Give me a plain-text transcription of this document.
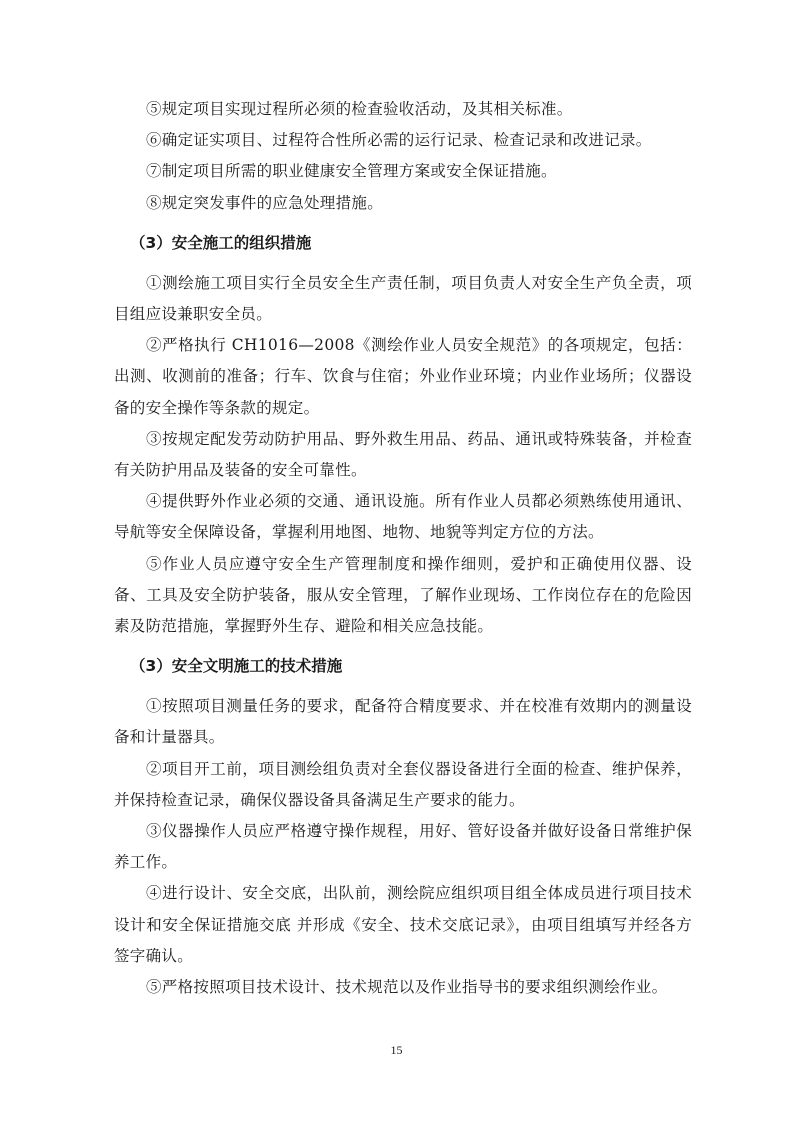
⑤规定项目实现过程所必须的检查验收活动，及其相关标准。

⑥确定证实项目、过程符合性所必需的运行记录、检查记录和改进记录。

⑦制定项目所需的职业健康安全管理方案或安全保证措施。

⑧规定突发事件的应急处理措施。

（3）安全施工的组织措施

①测绘施工项目实行全员安全生产责任制，项目负责人对安全生产负全责，项目组应设兼职安全员。

②严格执行 CH1016—2008《测绘作业人员安全规范》的各项规定，包括：出测、收测前的准备；行车、饮食与住宿；外业作业环境；内业作业场所；仪器设备的安全操作等条款的规定。

③按规定配发劳动防护用品、野外救生用品、药品、通讯或特殊装备，并检查有关防护用品及装备的安全可靠性。

④提供野外作业必须的交通、通讯设施。所有作业人员都必须熟练使用通讯、导航等安全保障设备，掌握利用地图、地物、地貌等判定方位的方法。

⑤作业人员应遵守安全生产管理制度和操作细则，爱护和正确使用仪器、设备、工具及安全防护装备，服从安全管理，了解作业现场、工作岗位存在的危险因素及防范措施，掌握野外生存、避险和相关应急技能。

（3）安全文明施工的技术措施

①按照项目测量任务的要求，配备符合精度要求、并在校准有效期内的测量设备和计量器具。

②项目开工前，项目测绘组负责对全套仪器设备进行全面的检查、维护保养，并保持检查记录，确保仪器设备具备满足生产要求的能力。

③仪器操作人员应严格遵守操作规程，用好、管好设备并做好设备日常维护保养工作。

④进行设计、安全交底，出队前，测绘院应组织项目组全体成员进行项目技术设计和安全保证措施交底 并形成《安全、技术交底记录》，由项目组填写并经各方签字确认。

⑤严格按照项目技术设计、技术规范以及作业指导书的要求组织测绘作业。

15
